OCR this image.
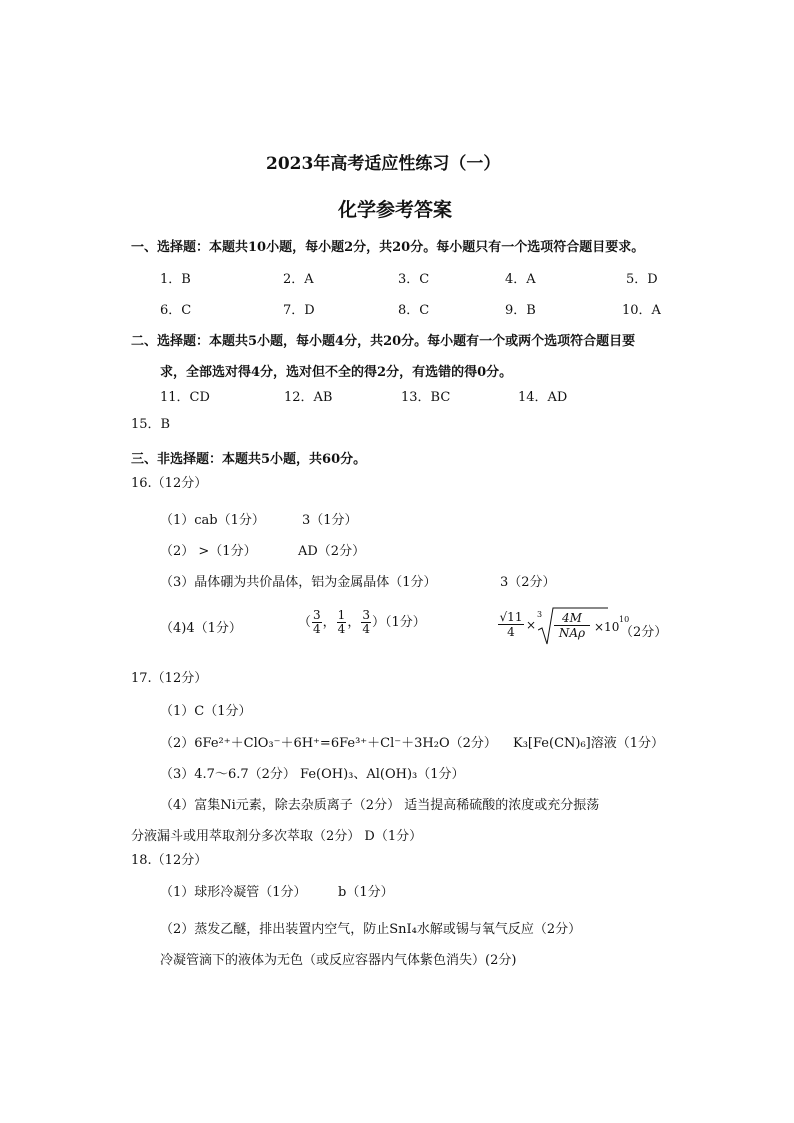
2023年高考适应性练习（一）
化学参考答案
一、选择题：本题共10小题，每小题2分，共20分。每小题只有一个选项符合题目要求。
1．B	2．A	3．C	4．A	5．D
6．C	7．D	8．C	9．B	10．A
二、选择题：本题共5小题，每小题4分，共20分。每小题有一个或两个选项符合题目要
求，全部选对得4分，选对但不全的得2分，有选错的得0分。
11．CD	12．AB	13．BC	14．AD
15．B
三、非选择题：本题共5小题，共60分。
16.（12分）
（1）cab（1分）	3（1分）
（2） >（1分）	AD（2分）
（3）晶体硼为共价晶体，铝为金属晶体（1分）	3（2分）
（4)4（1分）	（ $\frac{3}{4}$ ， $\frac{1}{4}$ ， $\frac{3}{4} )(1$分）	√11
4 ×
3	4M
NAρ ×10
10
（2分）
17.（12分）
（1）C（1分）
（2）6Fe²⁺＋ClO₃⁻＋6H⁺=6Fe³⁺＋Cl⁻＋3H₂O（2分） K₃[Fe(CN)₆]溶液（1分）
（3）4.7～6.7（2分） Fe(OH)₃、Al(OH)₃（1分）
（4）富集Ni元素，除去杂质离子（2分） 适当提高稀硫酸的浓度或充分振荡
分液漏斗或用萃取剂分多次萃取（2分） D（1分）
18.（12分）
（1）球形冷凝管（1分） b（1分）
（2）蒸发乙醚，排出装置内空气，防止SnI₄水解或锡与氧气反应（2分）
冷凝管滴下的液体为无色（或反应容器内气体紫色消失）(2分)
